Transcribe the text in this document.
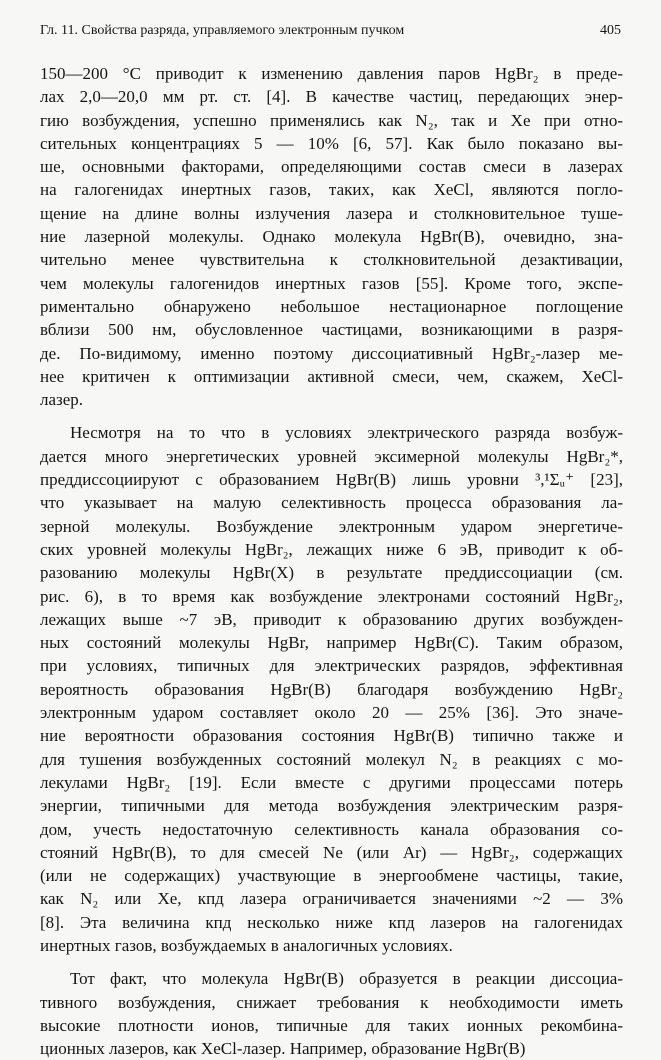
Гл. 11. Свойства разряда, управляемого электронным пучком	405
150—200 °С приводит к изменению давления паров HgBr₂ в преде-
лах 2,0—20,0 мм рт. ст. [4]. В качестве частиц, передающих энер-
гию возбуждения, успешно применялись как N₂, так и Xe при отно-
сительных концентрациях 5 — 10% [6, 57]. Как было показано вы-
ше, основными факторами, определяющими состав смеси в лазерах
на галогенидах инертных газов, таких, как XeCl, являются погло-
щение на длине волны излучения лазера и столкновительное туше-
ние лазерной молекулы. Однако молекула HgBr(B), очевидно, зна-
чительно менее чувствительна к столкновительной дезактивации,
чем молекулы галогенидов инертных газов [55]. Кроме того, экспе-
риментально обнаружено небольшое нестационарное поглощение
вблизи 500 нм, обусловленное частицами, возникающими в разря-
де. По-видимому, именно поэтому диссоциативный HgBr₂-лазер ме-
нее критичен к оптимизации активной смеси, чем, скажем, XeCl-
лазер.
Несмотря на то что в условиях электрического разряда возбуж-
дается много энергетических уровней эксимерной молекулы HgBr₂*,
преддиссоциируют с образованием HgBr(B) лишь уровни ³,¹Σᵤ⁺ [23],
что указывает на малую селективность процесса образования ла-
зерной молекулы. Возбуждение электронным ударом энергетиче-
ских уровней молекулы HgBr₂, лежащих ниже 6 эВ, приводит к об-
разованию молекулы HgBr(X) в результате преддиссоциации (см.
рис. 6), в то время как возбуждение электронами состояний HgBr₂,
лежащих выше ~7 эВ, приводит к образованию других возбужден-
ных состояний молекулы HgBr, например HgBr(C). Таким образом,
при условиях, типичных для электрических разрядов, эффективная
вероятность образования HgBr(B) благодаря возбуждению HgBr₂
электронным ударом составляет около 20 — 25% [36]. Это значе-
ние вероятности образования состояния HgBr(B) типично также и
для тушения возбужденных состояний молекул N₂ в реакциях с мо-
лекулами HgBr₂ [19]. Если вместе с другими процессами потерь
энергии, типичными для метода возбуждения электрическим разря-
дом, учесть недостаточную селективность канала образования со-
стояний HgBr(B), то для смесей Ne (или Ar) — HgBr₂, содержащих
(или не содержащих) участвующие в энергообмене частицы, такие,
как N₂ или Xe, кпд лазера ограничивается значениями ~2 — 3%
[8]. Эта величина кпд несколько ниже кпд лазеров на галогенидах
инертных газов, возбуждаемых в аналогичных условиях.
Тот факт, что молекула HgBr(B) образуется в реакции диссоциа-
тивного возбуждения, снижает требования к необходимости иметь
высокие плотности ионов, типичные для таких ионных рекомбина-
ционных лазеров, как XeCl-лазер. Например, образование HgBr(B)
